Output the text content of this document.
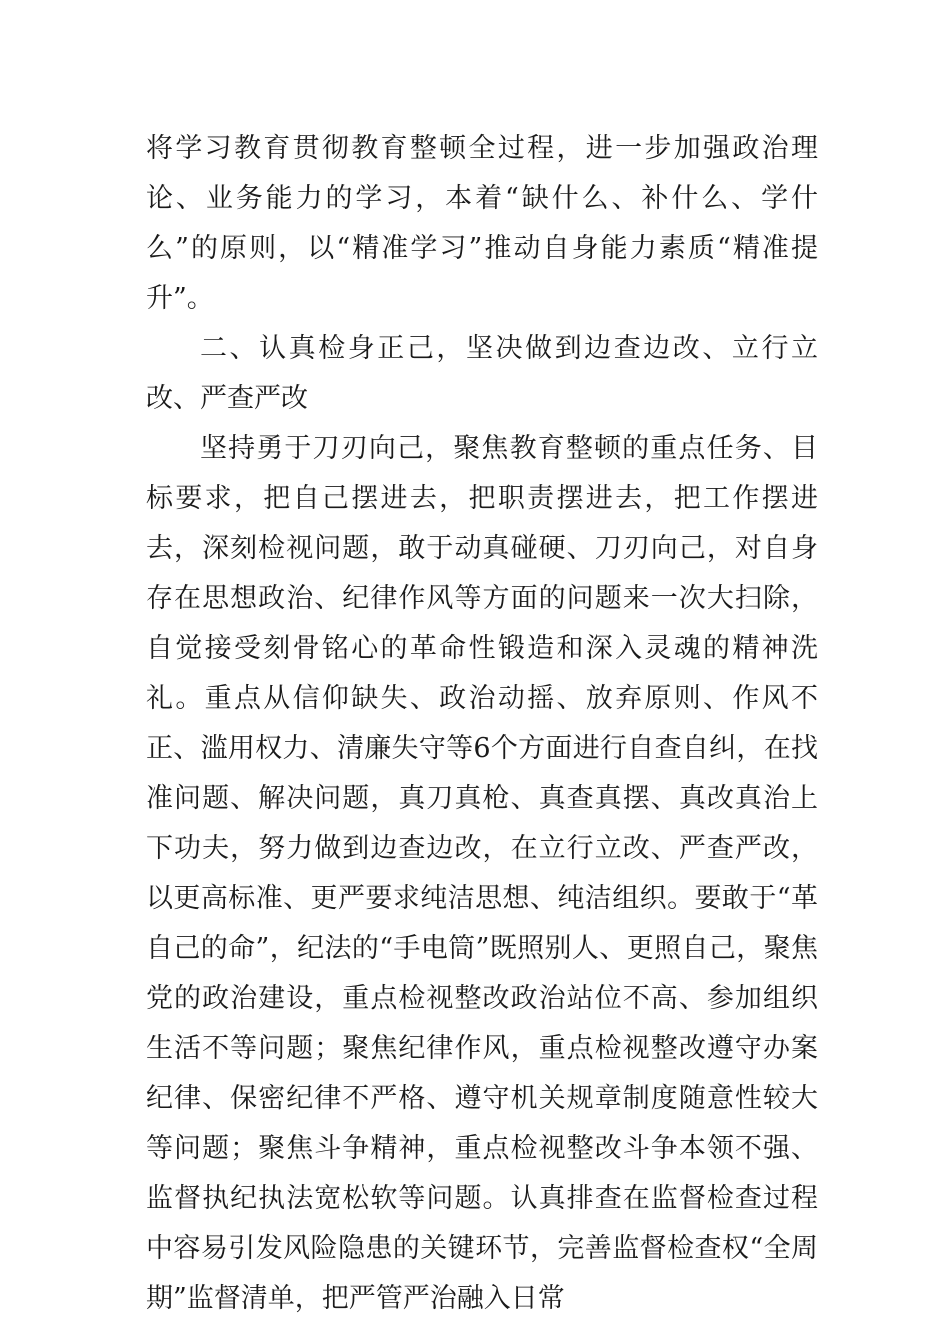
将学习教育贯彻教育整顿全过程，进一步加强政治理论、业务能力的学习，本着“缺什么、补什么、学什么”的原则，以“精准学习”推动自身能力素质“精准提升”。

二、认真检身正己，坚决做到边查边改、立行立改、严查严改

坚持勇于刀刃向己，聚焦教育整顿的重点任务、目标要求，把自己摆进去，把职责摆进去，把工作摆进去，深刻检视问题，敢于动真碰硬、刀刃向己，对自身存在思想政治、纪律作风等方面的问题来一次大扫除，自觉接受刻骨铭心的革命性锻造和深入灵魂的精神洗礼。重点从信仰缺失、政治动摇、放弃原则、作风不正、滥用权力、清廉失守等6个方面进行自查自纠，在找准问题、解决问题，真刀真枪、真查真摆、真改真治上下功夫，努力做到边查边改，在立行立改、严查严改，以更高标准、更严要求纯洁思想、纯洁组织。要敢于“革自己的命”，纪法的“手电筒”既照别人、更照自己，聚焦党的政治建设，重点检视整改政治站位不高、参加组织生活不等问题；聚焦纪律作风，重点检视整改遵守办案纪律、保密纪律不严格、遵守机关规章制度随意性较大等问题；聚焦斗争精神，重点检视整改斗争本领不强、监督执纪执法宽松软等问题。认真排查在监督检查过程中容易引发风险隐患的关键环节，完善监督检查权“全周期”监督清单，把严管严治融入日常
